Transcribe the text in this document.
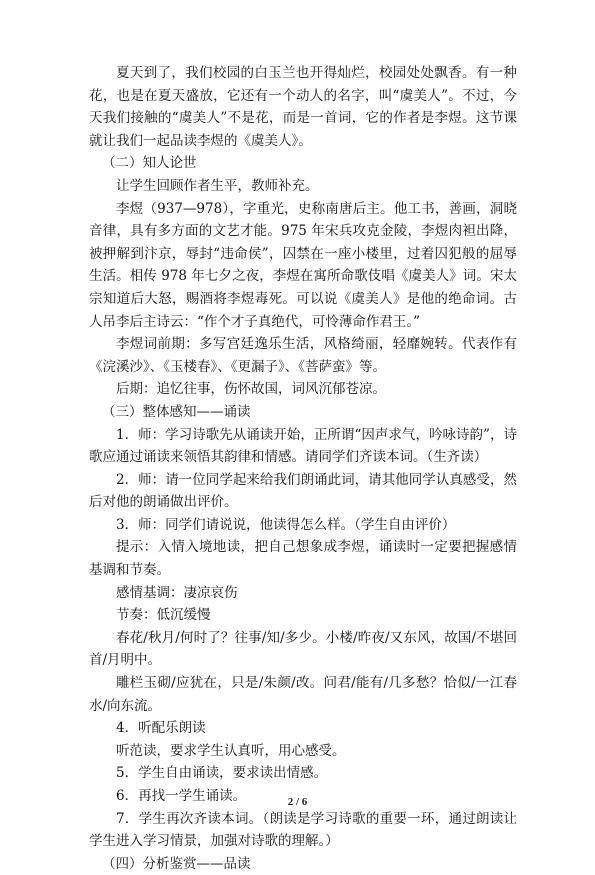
夏天到了，我们校园的白玉兰也开得灿烂，校园处处飘香。有一种花，也是在夏天盛放，它还有一个动人的名字，叫“虞美人”。不过，今天我们接触的“虞美人”不是花，而是一首词，它的作者是李煜。这节课就让我们一起品读李煜的《虞美人》。

（二）知人论世

让学生回顾作者生平，教师补充。

李煜（937—978），字重光，史称南唐后主。他工书，善画，洞晓音律，具有多方面的文艺才能。975 年宋兵攻克金陵，李煜肉袒出降，被押解到汴京，辱封“违命侯”，囚禁在一座小楼里，过着囚犯般的屈辱生活。相传 978 年七夕之夜，李煜在寓所命歌伎唱《虞美人》词。宋太宗知道后大怒，赐酒将李煜毒死。可以说《虞美人》是他的绝命词。古人吊李后主诗云：“作个才子真绝代，可怜薄命作君王。”

李煜词前期：多写宫廷逸乐生活，风格绮丽，轻靡婉转。代表作有《浣溪沙》、《玉楼春》、《更漏子》、《菩萨蛮》等。

后期：追忆往事，伤怀故国，词风沉郁苍凉。

（三）整体感知——诵读

1．师：学习诗歌先从诵读开始，正所谓“因声求气，吟咏诗韵”，诗歌应通过诵读来领悟其韵律和情感。请同学们齐读本词。（生齐读）

2．师：请一位同学起来给我们朗诵此词，请其他同学认真感受，然后对他的朗诵做出评价。

3．师：同学们请说说，他读得怎么样。（学生自由评价）

提示：入情入境地读，把自己想象成李煜，诵读时一定要把握感情基调和节奏。

感情基调：凄凉哀伤

节奏：低沉缓慢

春花/秋月/何时了？往事/知/多少。小楼/昨夜/又东风，故国/不堪回首/月明中。

雕栏玉砌/应犹在，只是/朱颜/改。问君/能有/几多愁？恰似/一江春水/向东流。

4．听配乐朗读

听范读，要求学生认真听，用心感受。

5．学生自由诵读，要求读出情感。

6．再找一学生诵读。

7．学生再次齐读本词。（朗读是学习诗歌的重要一环，通过朗读让学生进入学习情景，加强对诗歌的理解。）

（四）分析鉴赏——品读

2 / 6
